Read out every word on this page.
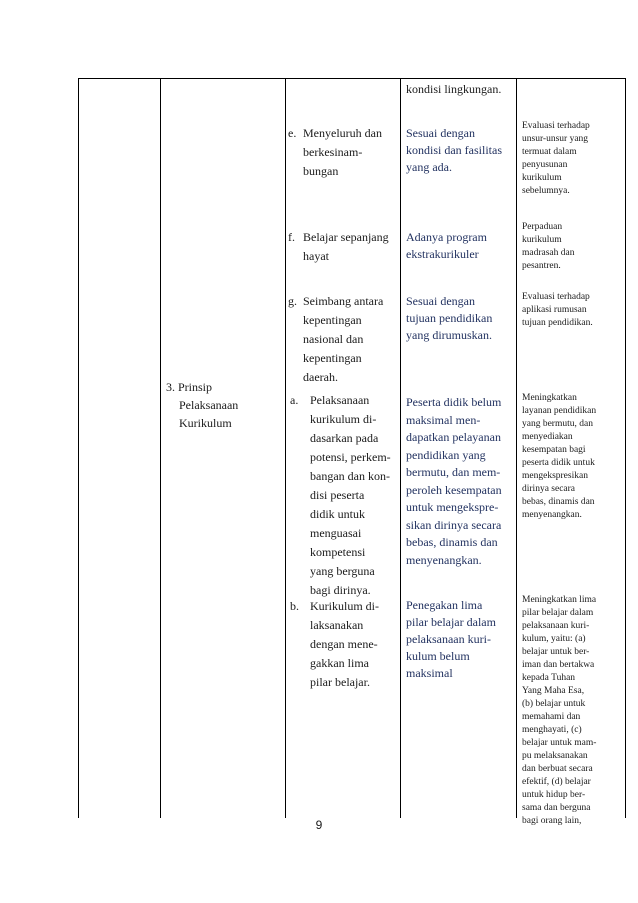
kondisi lingkungan.
3. Prinsip
Pelaksanaan
Kurikulum
e. Menyeluruh dan
berkesinam-
bungan
Sesuai dengan
kondisi dan fasilitas
yang ada.
Evaluasi terhadap
unsur-unsur yang
termuat dalam
penyusunan
kurikulum
sebelumnya.
f. Belajar sepanjang
hayat
Adanya program
ekstrakurikuler
Perpaduan
kurikulum
madrasah dan
pesantren.
g. Seimbang antara
kepentingan
nasional dan
kepentingan
daerah.
Sesuai dengan
tujuan pendidikan
yang dirumuskan.
Evaluasi terhadap
aplikasi rumusan
tujuan pendidikan.
a. Pelaksanaan
kurikulum di-
dasarkan pada
potensi, perkem-
bangan dan kon-
disi peserta
didik untuk
menguasai
kompetensi
yang berguna
bagi dirinya.
Peserta didik belum
maksimal men-
dapatkan pelayanan
pendidikan yang
bermutu, dan mem-
peroleh kesempatan
untuk mengekspre-
sikan dirinya secara
bebas, dinamis dan
menyenangkan.
Meningkatkan
layanan pendidikan
yang bermutu, dan
menyediakan
kesempatan bagi
peserta didik untuk
mengekspresikan
dirinya secara
bebas, dinamis dan
menyenangkan.
b. Kurikulum di-
laksanakan
dengan mene-
gakkan lima
pilar belajar.
Penegakan lima
pilar belajar dalam
pelaksanaan kuri-
kulum belum
maksimal
Meningkatkan lima
pilar belajar dalam
pelaksanaan kuri-
kulum, yaitu: (a)
belajar untuk ber-
iman dan bertakwa
kepada Tuhan
Yang Maha Esa,
(b) belajar untuk
memahami dan
menghayati, (c)
belajar untuk mam-
pu melaksanakan
dan berbuat secara
efektif, (d) belajar
untuk hidup ber-
sama dan berguna
bagi orang lain,
9
